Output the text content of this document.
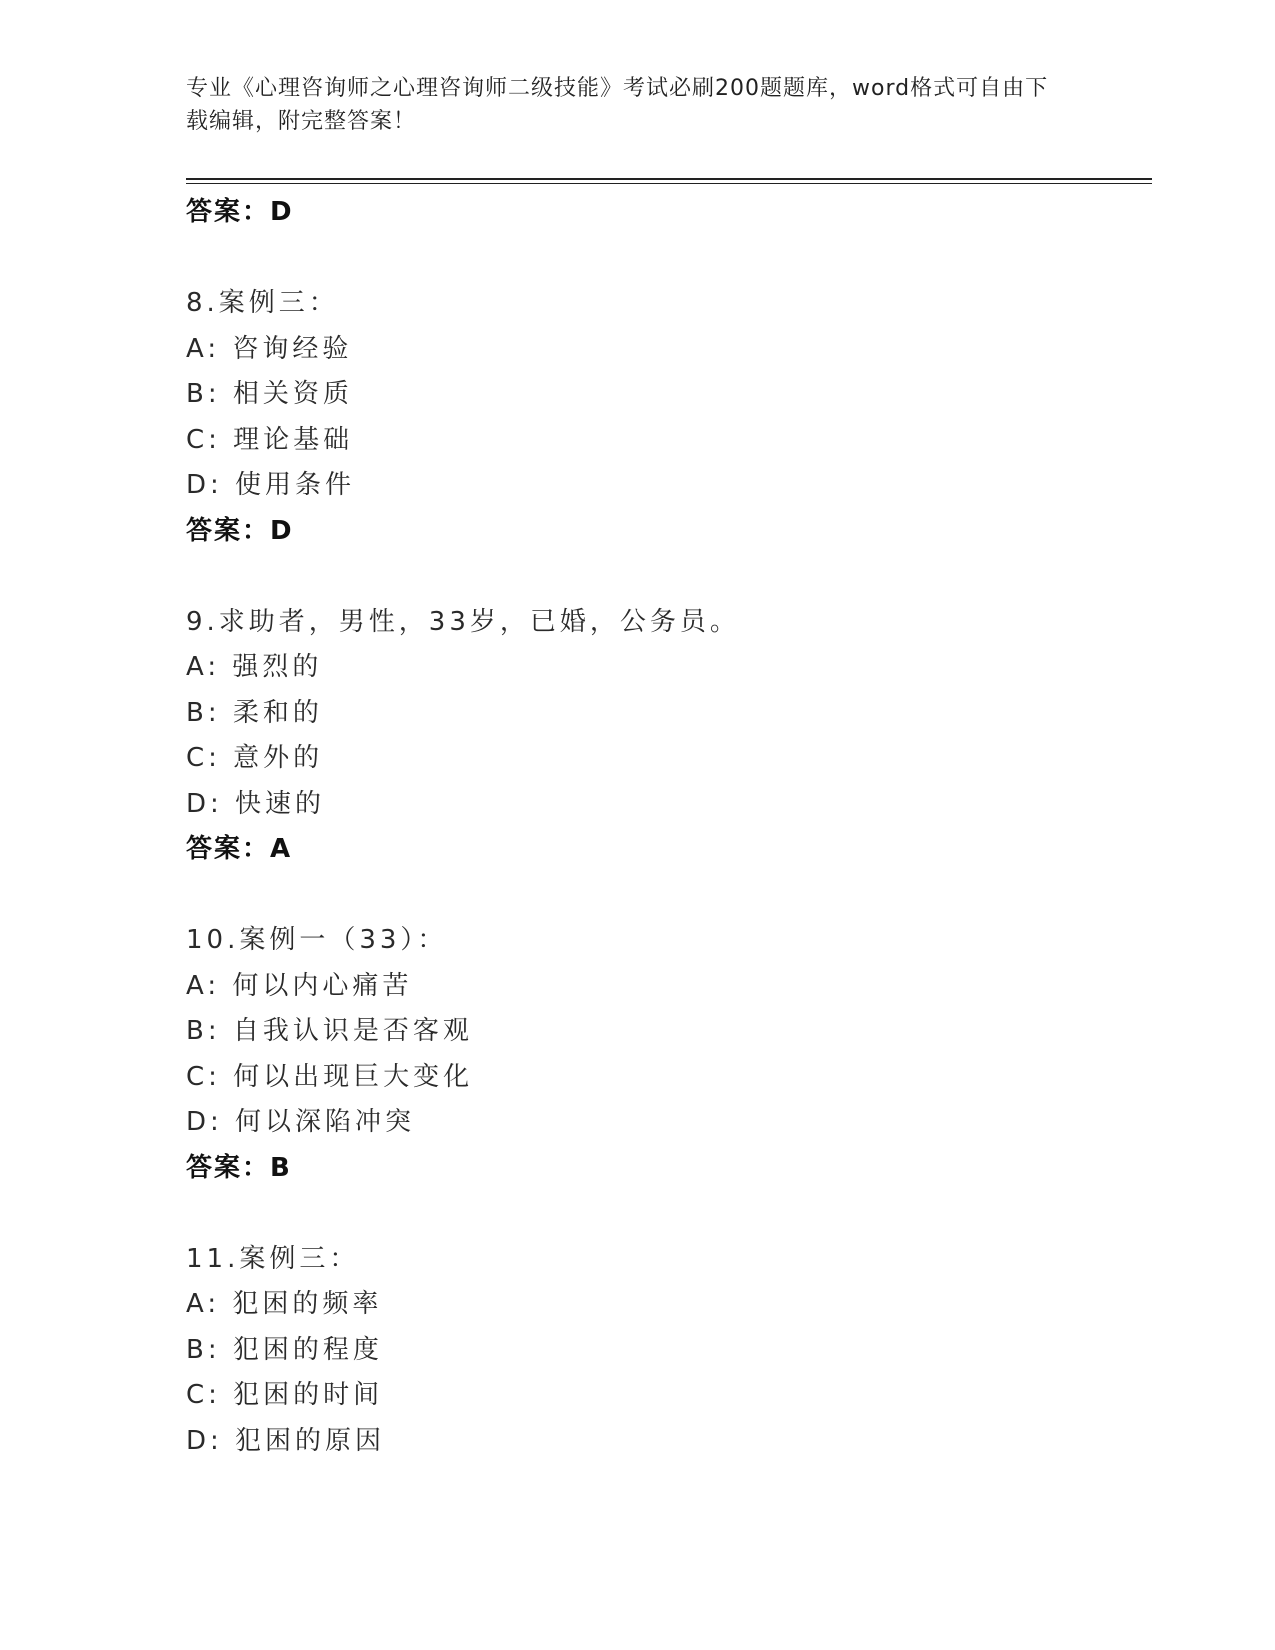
专业《心理咨询师之心理咨询师二级技能》考试必刷200题题库，word格式可自由下载编辑，附完整答案！
答案：D
8.案例三：
A: 咨询经验
B: 相关资质
C: 理论基础
D: 使用条件
答案：D
9.求助者，男性，33岁，已婚，公务员。
A: 强烈的
B: 柔和的
C: 意外的
D: 快速的
答案：A
10.案例一（33）：
A: 何以内心痛苦
B: 自我认识是否客观
C: 何以出现巨大变化
D: 何以深陷冲突
答案：B
11.案例三：
A: 犯困的频率
B: 犯困的程度
C: 犯困的时间
D: 犯困的原因
